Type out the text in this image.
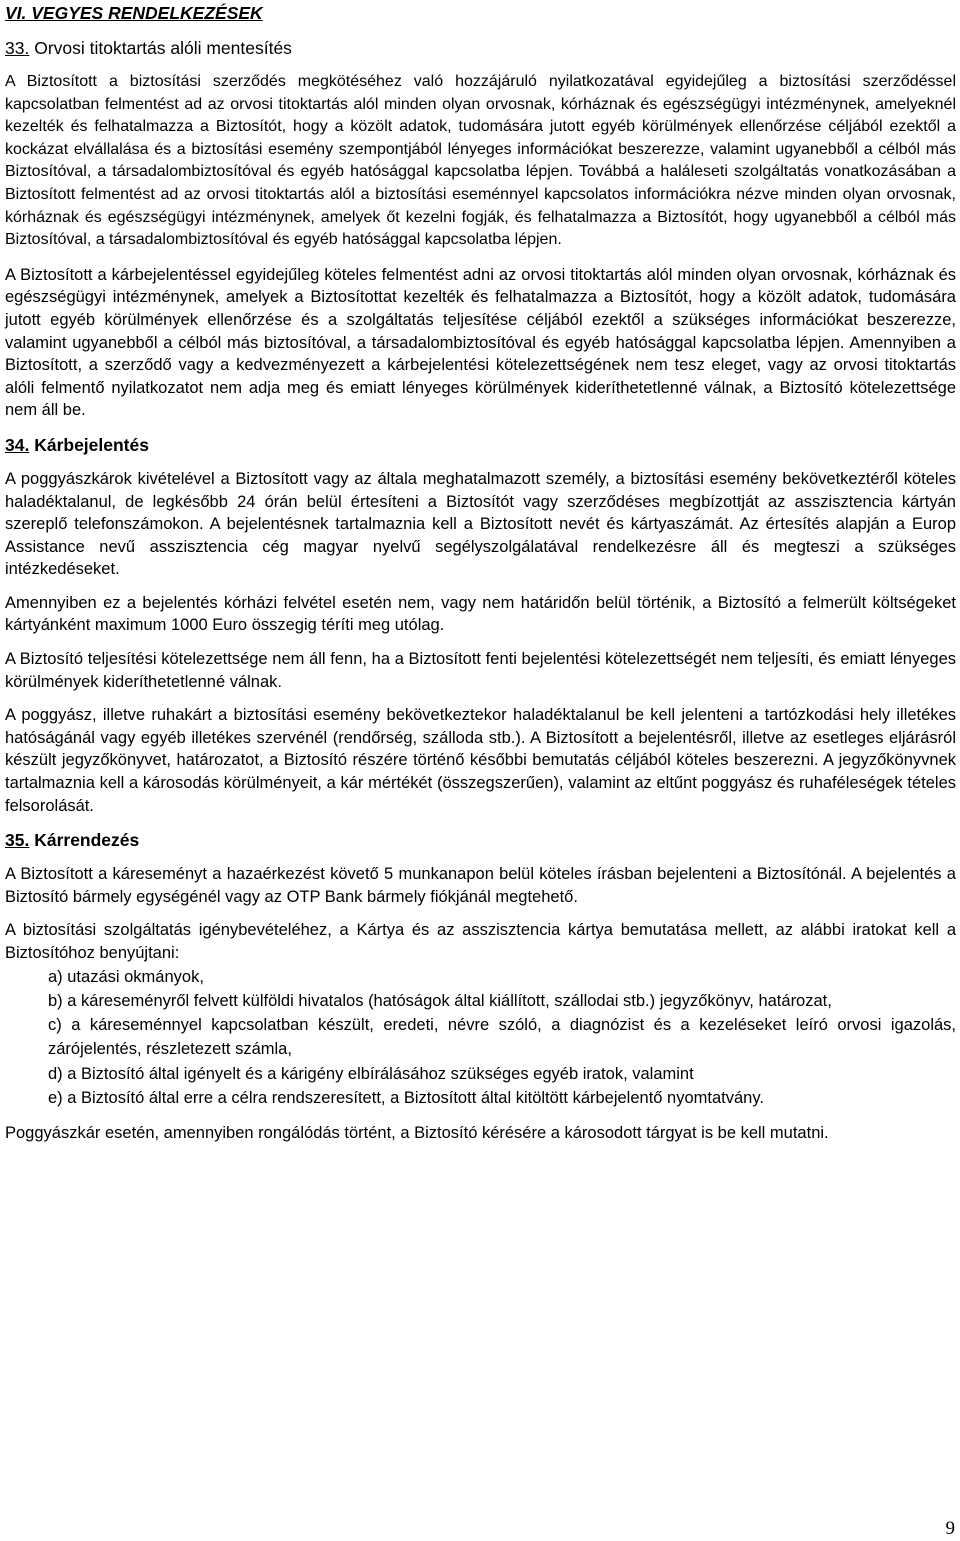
VI. VEGYES RENDELKEZÉSEK
33. Orvosi titoktartás alóli mentesítés

A Biztosított a biztosítási szerződés megkötéséhez való hozzájáruló nyilatkozatával egyidejűleg a biztosítási szerződéssel kapcsolatban felmentést ad az orvosi titoktartás alól minden olyan orvosnak, kórháznak és egészségügyi intézménynek, amelyeknél kezelték és felhatalmazza a Biztosítót, hogy a közölt adatok, tudomására jutott egyéb körülmények ellenőrzése céljából ezektől a kockázat elvállalása és a biztosítási esemény szempontjából lényeges információkat beszerezze, valamint ugyanebből a célból más Biztosítóval, a társadalombiztosítóval és egyéb hatósággal kapcsolatba lépjen. Továbbá a haláleseti szolgáltatás vonatkozásában a Biztosított felmentést ad az orvosi titoktartás alól a biztosítási eseménnyel kapcsolatos információkra nézve minden olyan orvosnak, kórháznak és egészségügyi intézménynek, amelyek őt kezelni fogják, és felhatalmazza a Biztosítót, hogy ugyanebből a célból más Biztosítóval, a társadalombiztosítóval és egyéb hatósággal kapcsolatba lépjen.

A Biztosított a kárbejelentéssel egyidejűleg köteles felmentést adni az orvosi titoktartás alól minden olyan orvosnak, kórháznak és egészségügyi intézménynek, amelyek a Biztosítottat kezelték és felhatalmazza a Biztosítót, hogy a közölt adatok, tudomására jutott egyéb körülmények ellenőrzése és a szolgáltatás teljesítése céljából ezektől a szükséges információkat beszerezze, valamint ugyanebből a célból más biztosítóval, a társadalombiztosítóval és egyéb hatósággal kapcsolatba lépjen. Amennyiben a Biztosított, a szerződő vagy a kedvezményezett a kárbejelentési kötelezettségének nem tesz eleget, vagy az orvosi titoktartás alóli felmentő nyilatkozatot nem adja meg és emiatt lényeges körülmények kideríthetetlenné válnak, a Biztosító kötelezettsége nem áll be.

34. Kárbejelentés

A poggyászkárok kivételével a Biztosított vagy az általa meghatalmazott személy, a biztosítási esemény bekövetkeztéről köteles haladéktalanul, de legkésőbb 24 órán belül értesíteni a Biztosítót vagy szerződéses megbízottját az asszisztencia kártyán szereplő telefonszámokon. A bejelentésnek tartalmaznia kell a Biztosított nevét és kártyaszámát. Az értesítés alapján a Europ Assistance nevű asszisztencia cég magyar nyelvű segélyszolgálatával rendelkezésre áll és megteszi a szükséges intézkedéseket.

Amennyiben ez a bejelentés kórházi felvétel esetén nem, vagy nem határidőn belül történik, a Biztosító a felmerült költségeket kártyánként maximum 1000 Euro összegig téríti meg utólag.

A Biztosító teljesítési kötelezettsége nem áll fenn, ha a Biztosított fenti bejelentési kötelezettségét nem teljesíti, és emiatt lényeges körülmények kideríthetetlenné válnak.

A poggyász, illetve ruhakárt a biztosítási esemény bekövetkeztekor haladéktalanul be kell jelenteni a tartózkodási hely illetékes hatóságánál vagy egyéb illetékes szervénél (rendőrség, szálloda stb.). A Biztosított a bejelentésről, illetve az esetleges eljárásról készült jegyzőkönyvet, határozatot, a Biztosító részére történő későbbi bemutatás céljából köteles beszerezni. A jegyzőkönyvnek tartalmaznia kell a károsodás körülményeit, a kár mértékét (összegszerűen), valamint az eltűnt poggyász és ruhaféleségek tételes felsorolását.

35. Kárrendezés

A Biztosított a káreseményt a hazaérkezést követő 5 munkanapon belül köteles írásban bejelenteni a Biztosítónál. A bejelentés a Biztosító bármely egységénél vagy az OTP Bank bármely fiókjánál megtehető.

A biztosítási szolgáltatás igénybevételéhez, a Kártya és az asszisztencia kártya bemutatása mellett, az alábbi iratokat kell a Biztosítóhoz benyújtani:

a) utazási okmányok,
b) a káreseményről felvett külföldi hivatalos (hatóságok által kiállított, szállodai stb.) jegyzőkönyv, határozat,
c) a káreseménnyel kapcsolatban készült, eredeti, névre szóló, a diagnózist és a kezeléseket leíró orvosi igazolás, zárójelentés, részletezett számla,
d) a Biztosító által igényelt és a kárigény elbírálásához szükséges egyéb iratok, valamint
e) a Biztosító által erre a célra rendszeresített, a Biztosított által kitöltött kárbejelentő nyomtatvány.

Poggyászkár esetén, amennyiben rongálódás történt, a Biztosító kérésére a károsodott tárgyat is be kell mutatni.

9
